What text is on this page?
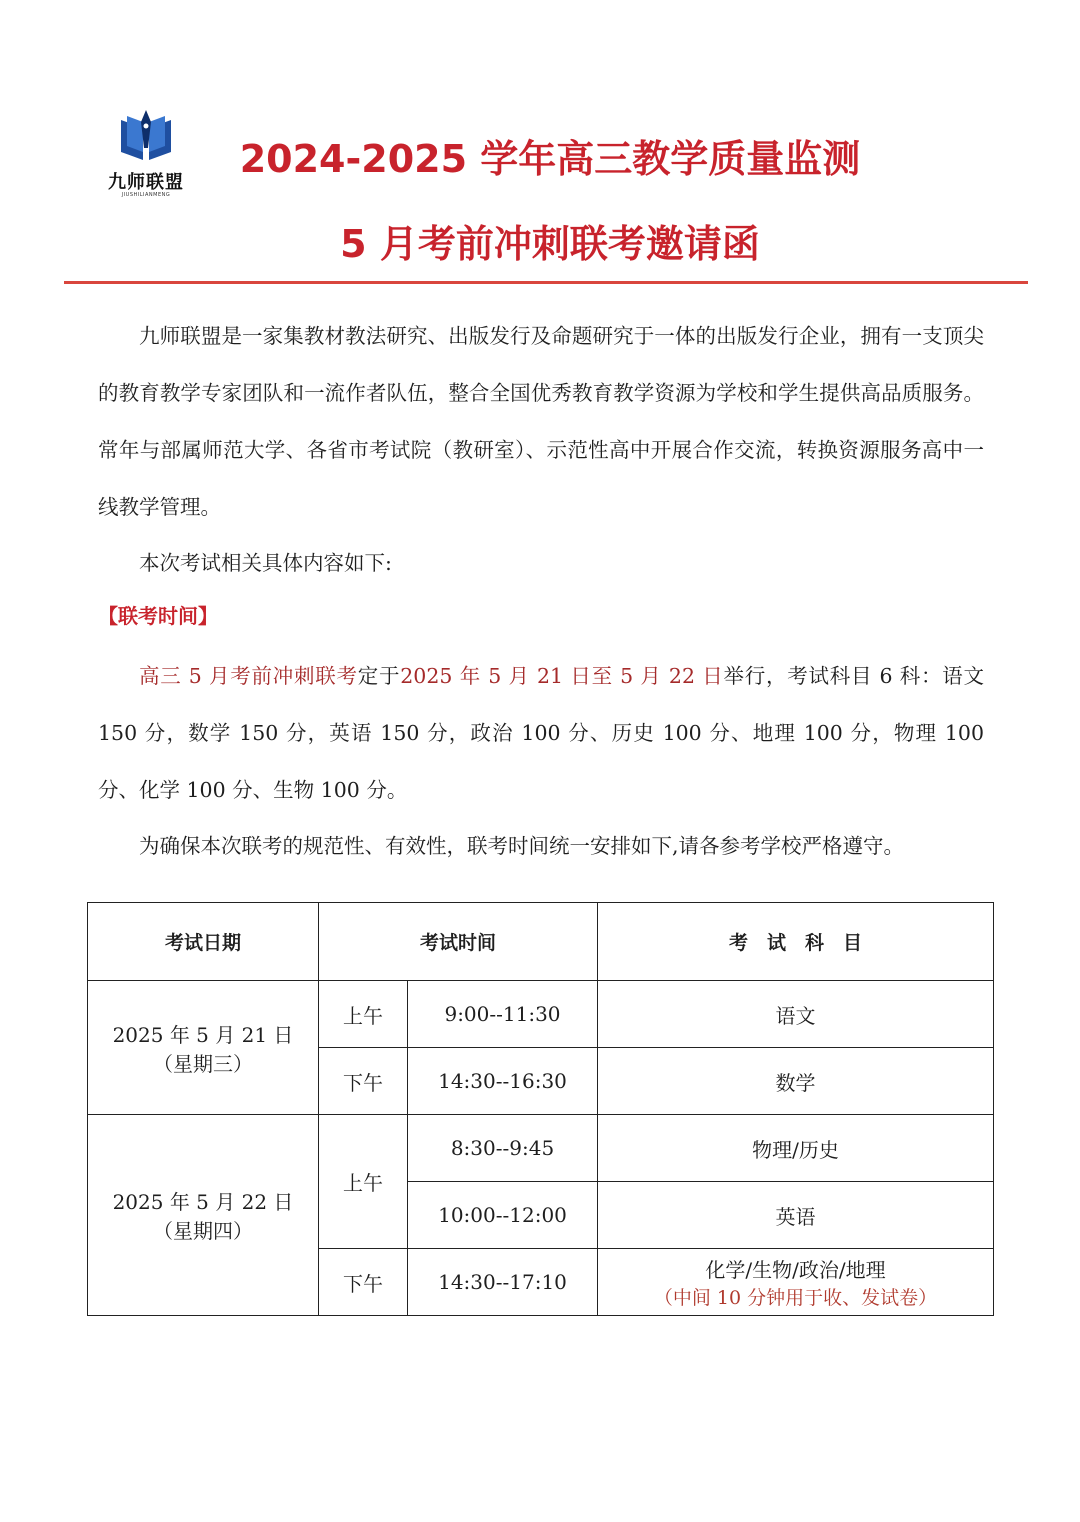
九师联盟
JIUSHILIANMENG
2024-2025 学年高三教学质量监测
5 月考前冲刺联考邀请函

九师联盟是一家集教材教法研究、出版发行及命题研究于一体的出版发行企业，拥有一支顶尖的教育教学专家团队和一流作者队伍，整合全国优秀教育教学资源为学校和学生提供高品质服务。常年与部属师范大学、各省市考试院（教研室）、示范性高中开展合作交流，转换资源服务高中一线教学管理。

本次考试相关具体内容如下:

【联考时间】

高三 5 月考前冲刺联考定于2025 年 5 月 21 日至 5 月 22 日举行，考试科目 6 科：语文 150 分，数学 150 分，英语 150 分，政治 100 分、历史 100 分、地理 100 分，物理 100 分、化学 100 分、生物 100 分。

为确保本次联考的规范性、有效性，联考时间统一安排如下,请各参考学校严格遵守。

考试日期	考试时间		考　试　科　目

2025 年 5 月 21 日
（星期三）	上午	9:00--11:30	语文
	下午	14:30--16:30	数学

2025 年 5 月 22 日
（星期四）	上午	8:30--9:45	物理/历史
		10:00--12:00	英语
	下午	14:30--17:10	化学/生物/政治/地理
（中间 10 分钟用于收、发试卷）
